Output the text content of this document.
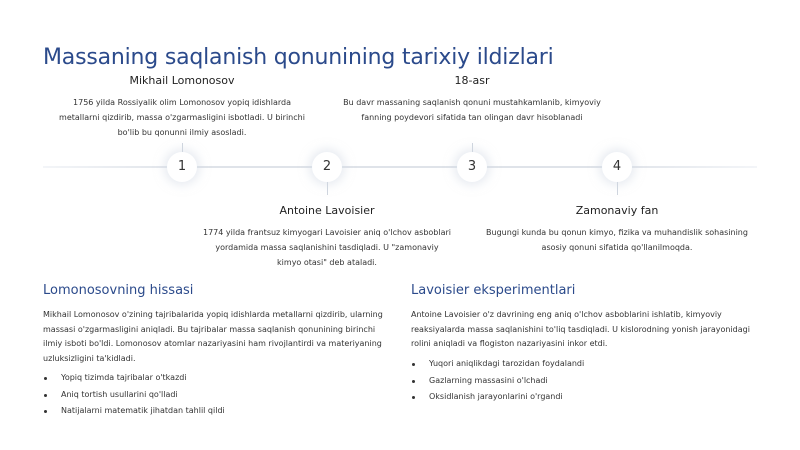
Massaning saqlanish qonunining tarixiy ildizlari
1	2	3	4
Mikhail Lomonosov
1756 yilda Rossiyalik olim Lomonosov yopiq idishlarda metallarni qizdirib, massa o'zgarmasligini isbotladi. U birinchi bo'lib bu qonunni ilmiy asosladi.
Antoine Lavoisier
1774 yilda frantsuz kimyogari Lavoisier aniq o'lchov asboblari yordamida massa saqlanishini tasdiqladi. U "zamonaviy kimyo otasi" deb ataladi.
18-asr
Bu davr massaning saqlanish qonuni mustahkamlanib, kimyoviy fanning poydevori sifatida tan olingan davr hisoblanadi
Zamonaviy fan
Bugungi kunda bu qonun kimyo, fizika va muhandislik sohasining asosiy qonuni sifatida qo'llanilmoqda.
Lomonosovning hissasi
Mikhail Lomonosov o'zining tajribalarida yopiq idishlarda metallarni qizdirib, ularning massasi o'zgarmasligini aniqladi. Bu tajribalar massa saqlanish qonunining birinchi ilmiy isboti bo'ldi. Lomonosov atomlar nazariyasini ham rivojlantirdi va materiyaning uzluksizligini ta'kidladi.
Yopiq tizimda tajribalar o'tkazdi
Aniq tortish usullarini qo'lladi
Natijalarni matematik jihatdan tahlil qildi
Lavoisier eksperimentlari
Antoine Lavoisier o'z davrining eng aniq o'lchov asboblarini ishlatib, kimyoviy reaksiyalarda massa saqlanishini to'liq tasdiqladi. U kislorodning yonish jarayonidagi rolini aniqladi va flogiston nazariyasini inkor etdi.
Yuqori aniqlikdagi tarozidan foydalandi
Gazlarning massasini o'lchadi
Oksidlanish jarayonlarini o'rgandi
